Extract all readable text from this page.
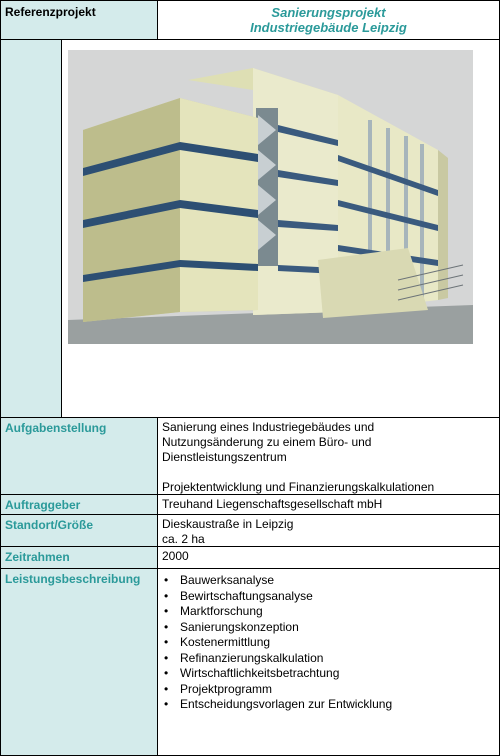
Referenzprojekt	Sanierungsprojekt
Industriegebäude Leipzig
Aufgabenstellung	Sanierung eines Industriegebäudes und

Nutzungsänderung zu einem Büro- und

Dienstleistungszentrum

Projektentwicklung und Finanzierungskalkulationen

Auftraggeber	Treuhand Liegenschaftsgesellschaft mbH
Standort/Größe	Dieskaustraße in Leipzig

ca. 2 ha

Zeitrahmen	2000
Leistungsbeschreibung
•	Bauwerksanalyse
• Bewirtschaftungsanalyse
• Marktforschung
• Sanierungskonzeption
• Kostenermittlung
• Refinanzierungskalkulation
• Wirtschaftlichkeitsbetrachtung
• Projektprogramm
• Entscheidungsvorlagen zur Entwicklung
